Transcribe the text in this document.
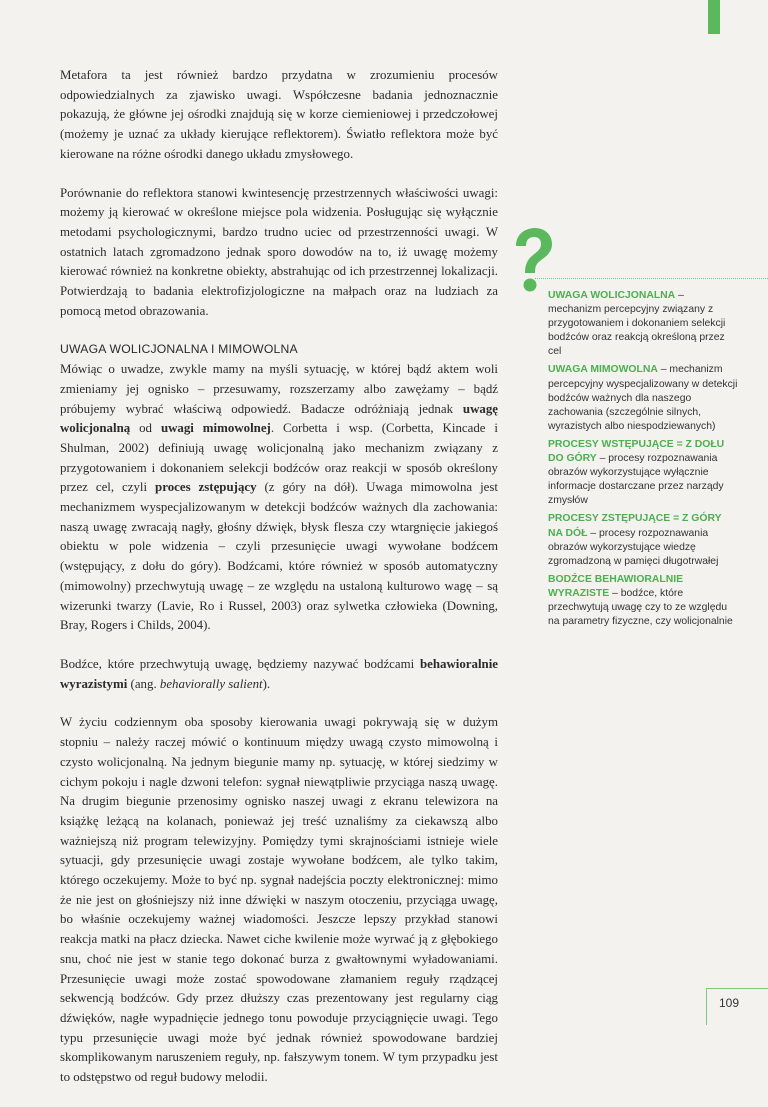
Metafora ta jest również bardzo przydatna w zrozumieniu procesów odpowiedzialnych za zjawisko uwagi. Współczesne badania jednoznacznie pokazują, że główne jej ośrodki znajdują się w korze ciemieniowej i przedczołowej (możemy je uznać za układy kierujące reflektorem). Światło reflektora może być kierowane na różne ośrodki danego układu zmysłowego.

Porównanie do reflektora stanowi kwintesencję przestrzennych właściwości uwagi: możemy ją kierować w określone miejsce pola widzenia. Posługując się wyłącznie metodami psychologicznymi, bardzo trudno uciec od przestrzenności uwagi. W ostatnich latach zgromadzono jednak sporo dowodów na to, iż uwagę możemy kierować również na konkretne obiekty, abstrahując od ich przestrzennej lokalizacji. Potwierdzają to badania elektrofizjologiczne na małpach oraz na ludziach za pomocą metod obrazowania.

UWAGA WOLICJONALNA I MIMOWOLNA

Mówiąc o uwadze, zwykle mamy na myśli sytuację, w której bądź aktem woli zmieniamy jej ognisko – przesuwamy, rozszerzamy albo zawężamy – bądź próbujemy wybrać właściwą odpowiedź. Badacze odróżniają jednak uwagę wolicjonalną od uwagi mimowolnej. Corbetta i wsp. (Corbetta, Kincade i Shulman, 2002) definiują uwagę wolicjonalną jako mechanizm związany z przygotowaniem i dokonaniem selekcji bodźców oraz reakcji w sposób określony przez cel, czyli proces zstępujący (z góry na dół). Uwaga mimowolna jest mechanizmem wyspecjalizowanym w detekcji bodźców ważnych dla zachowania: naszą uwagę zwracają nagły, głośny dźwięk, błysk flesza czy wtargnięcie jakiegoś obiektu w pole widzenia – czyli przesunięcie uwagi wywołane bodźcem (wstępujący, z dołu do góry). Bodźcami, które również w sposób automatyczny (mimowolny) przechwytują uwagę – ze względu na ustaloną kulturowo wagę – są wizerunki twarzy (Lavie, Ro i Russel, 2003) oraz sylwetka człowieka (Downing, Bray, Rogers i Childs, 2004).

Bodźce, które przechwytują uwagę, będziemy nazywać bodźcami behawioralnie wyrazistymi (ang. behaviorally salient).

W życiu codziennym oba sposoby kierowania uwagi pokrywają się w dużym stopniu – należy raczej mówić o kontinuum między uwagą czysto mimowolną i czysto wolicjonalną. Na jednym biegunie mamy np. sytuację, w której siedzimy w cichym pokoju i nagle dzwoni telefon: sygnał niewątpliwie przyciąga naszą uwagę. Na drugim biegunie przenosimy ognisko naszej uwagi z ekranu telewizora na książkę leżącą na kolanach, ponieważ jej treść uznaliśmy za ciekawszą albo ważniejszą niż program telewizyjny. Pomiędzy tymi skrajnościami istnieje wiele sytuacji, gdy przesunięcie uwagi zostaje wywołane bodźcem, ale tylko takim, którego oczekujemy. Może to być np. sygnał nadejścia poczty elektronicznej: mimo że nie jest on głośniejszy niż inne dźwięki w naszym otoczeniu, przyciąga uwagę, bo właśnie oczekujemy ważnej wiadomości. Jeszcze lepszy przykład stanowi reakcja matki na płacz dziecka. Nawet ciche kwilenie może wyrwać ją z głębokiego snu, choć nie jest w stanie tego dokonać burza z gwałtownymi wyładowaniami. Przesunięcie uwagi może zostać spowodowane złamaniem reguły rządzącej sekwencją bodźców. Gdy przez dłuższy czas prezentowany jest regularny ciąg dźwięków, nagłe wypadnięcie jednego tonu powoduje przyciągnięcie uwagi. Tego typu przesunięcie uwagi może być jednak również spowodowane bardziej skomplikowanym naruszeniem reguły, np. fałszywym tonem. W tym przypadku jest to odstępstwo od reguł budowy melodii.

UWAGA WOLICJONALNA – mechanizm percepcyjny związany z przygotowaniem i dokonaniem selekcji bodźców oraz reakcją określoną przez cel
UWAGA MIMOWOLNA – mechanizm percepcyjny wyspecjalizowany w detekcji bodźców ważnych dla naszego zachowania (szczególnie silnych, wyrazistych albo niespodziewanych)
PROCESY WSTĘPUJĄCE = Z DOŁU DO GÓRY – procesy rozpoznawania obrazów wykorzystujące wyłącznie informacje dostarczane przez narządy zmysłów
PROCESY ZSTĘPUJĄCE = Z GÓRY NA DÓŁ – procesy rozpoznawania obrazów wykorzystujące wiedzę zgromadzoną w pamięci długotrwałej
BODŹCE BEHAWIORALNIE WYRAZISTE – bodźce, które przechwytują uwagę czy to ze względu na parametry fizyczne, czy wolicjonalnie
109
